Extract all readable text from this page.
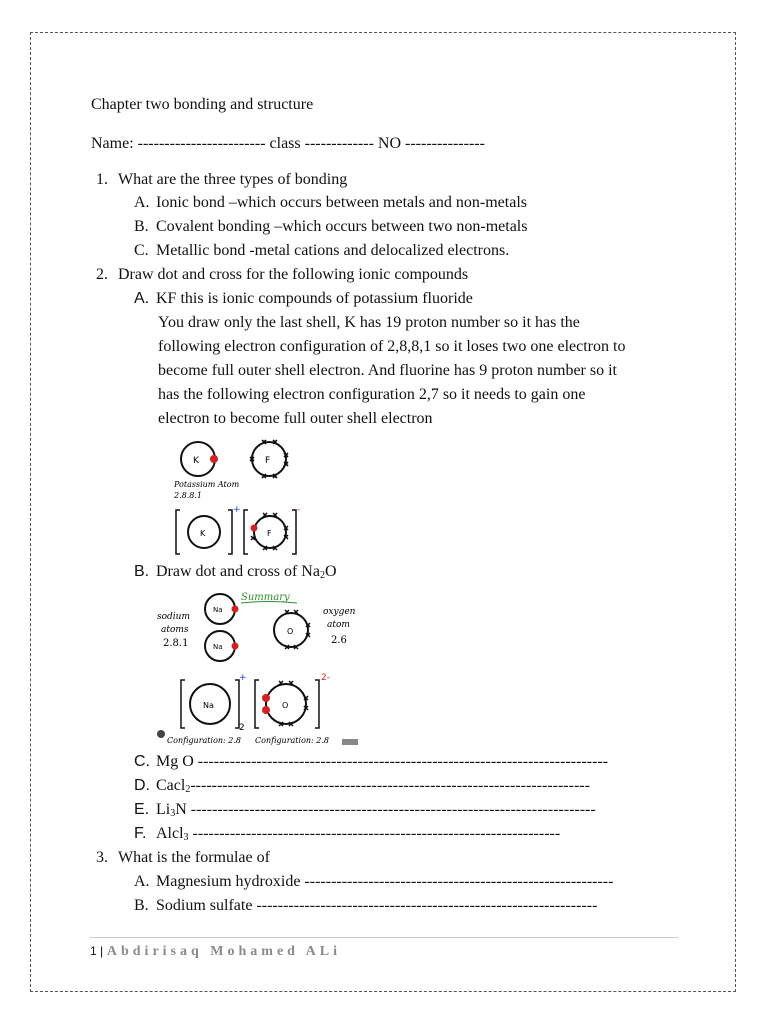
Chapter two bonding and structure
Name: ------------------------ class ------------- NO ---------------
1. What are the three types of bonding
A. Ionic bond –which occurs between metals and non-metals
B. Covalent bonding –which occurs between two non-metals
C. Metallic bond -metal cations and delocalized electrons.
2. Draw dot and cross for the following ionic compounds
A. KF this is ionic compounds of potassium fluoride
You draw only the last shell, K has 19 proton number so it has the
following electron configuration of 2,8,8,1 so it loses two one electron to
become full outer shell electron. And fluorine has 9 proton number so it
has the following electron configuration 2,7 so it needs to gain one
electron to become full outer shell electron
K	F
Potassium Atom
2.8.8.1
K
+
F
-
B. Draw dot and cross of $Na_2O$
Summary
sodium
atoms
2.8.1
Na
Na
O
oxygen
atom
2.6
Na
+
2
O
2-
Configuration: 2.8 Configuration: 2.8
C. Mg O -----------------------------------------------------------------------------
D. Cacl$_2$---------------------------------------------------------------------------
E. $Li_3N$ ----------------------------------------------------------------------------
F. Alcl$_3$ ---------------------------------------------------------------------
3. What is the formulae of
A. Magnesium hydroxide ----------------------------------------------------------
B. Sodium sulfate ----------------------------------------------------------------
1 | Abdirisaq Mohamed ALi
